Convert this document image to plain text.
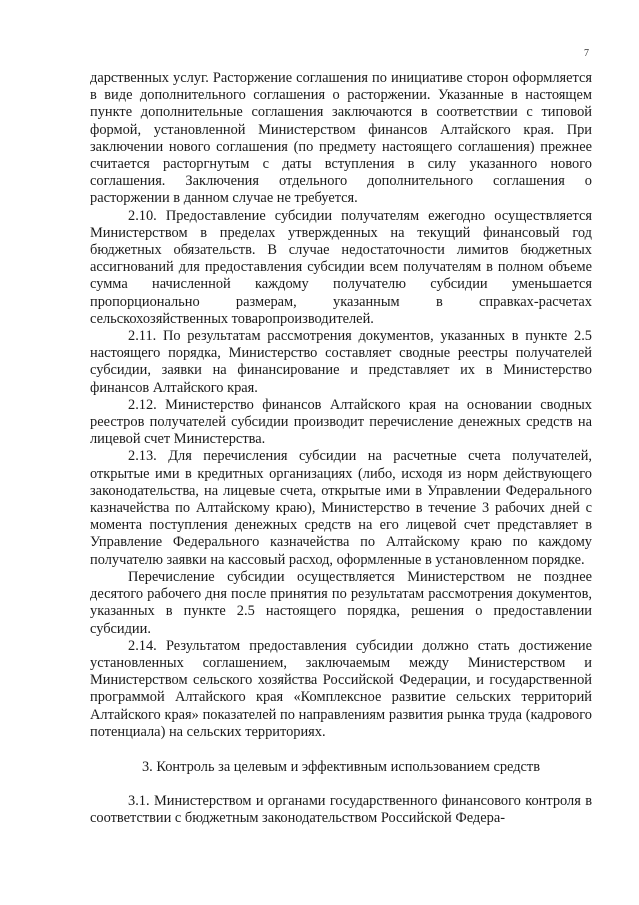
7

дарственных услуг. Расторжение соглашения по инициативе сторон оформляется в виде дополнительного соглашения о расторжении. Указанные в настоящем пункте дополнительные соглашения заключаются в соответствии с типовой формой, установленной Министерством финансов Алтайского края. При заключении нового соглашения (по предмету настоящего соглашения) прежнее считается расторгнутым с даты вступления в силу указанного нового соглашения. Заключения отдельного дополнительного соглашения о расторжении в данном случае не требуется.

2.10. Предоставление субсидии получателям ежегодно осуществляется Министерством в пределах утвержденных на текущий финансовый год бюджетных обязательств. В случае недостаточности лимитов бюджетных ассигнований для предоставления субсидии всем получателям в полном объеме сумма начисленной каждому получателю субсидии уменьшается пропорционально размерам, указанным в справках-расчетах сельскохозяйственных товаропроизводителей.

2.11. По результатам рассмотрения документов, указанных в пункте 2.5 настоящего порядка, Министерство составляет сводные реестры получателей субсидии, заявки на финансирование и представляет их в Министерство финансов Алтайского края.

2.12. Министерство финансов Алтайского края на основании сводных реестров получателей субсидии производит перечисление денежных средств на лицевой счет Министерства.

2.13. Для перечисления субсидии на расчетные счета получателей, открытые ими в кредитных организациях (либо, исходя из норм действующего законодательства, на лицевые счета, открытые ими в Управлении Федерального казначейства по Алтайскому краю), Министерство в течение 3 рабочих дней с момента поступления денежных средств на его лицевой счет представляет в Управление Федерального казначейства по Алтайскому краю по каждому получателю заявки на кассовый расход, оформленные в установленном порядке.

Перечисление субсидии осуществляется Министерством не позднее десятого рабочего дня после принятия по результатам рассмотрения документов, указанных в пункте 2.5 настоящего порядка, решения о предоставлении субсидии.

2.14. Результатом предоставления субсидии должно стать достижение установленных соглашением, заключаемым между Министерством и Министерством сельского хозяйства Российской Федерации, и государственной программой Алтайского края «Комплексное развитие сельских территорий Алтайского края» показателей по направлениям развития рынка труда (кадрового потенциала) на сельских территориях.

3. Контроль за целевым и эффективным использованием средств

3.1. Министерством и органами государственного финансового контроля в соответствии с бюджетным законодательством Российской Федера-
